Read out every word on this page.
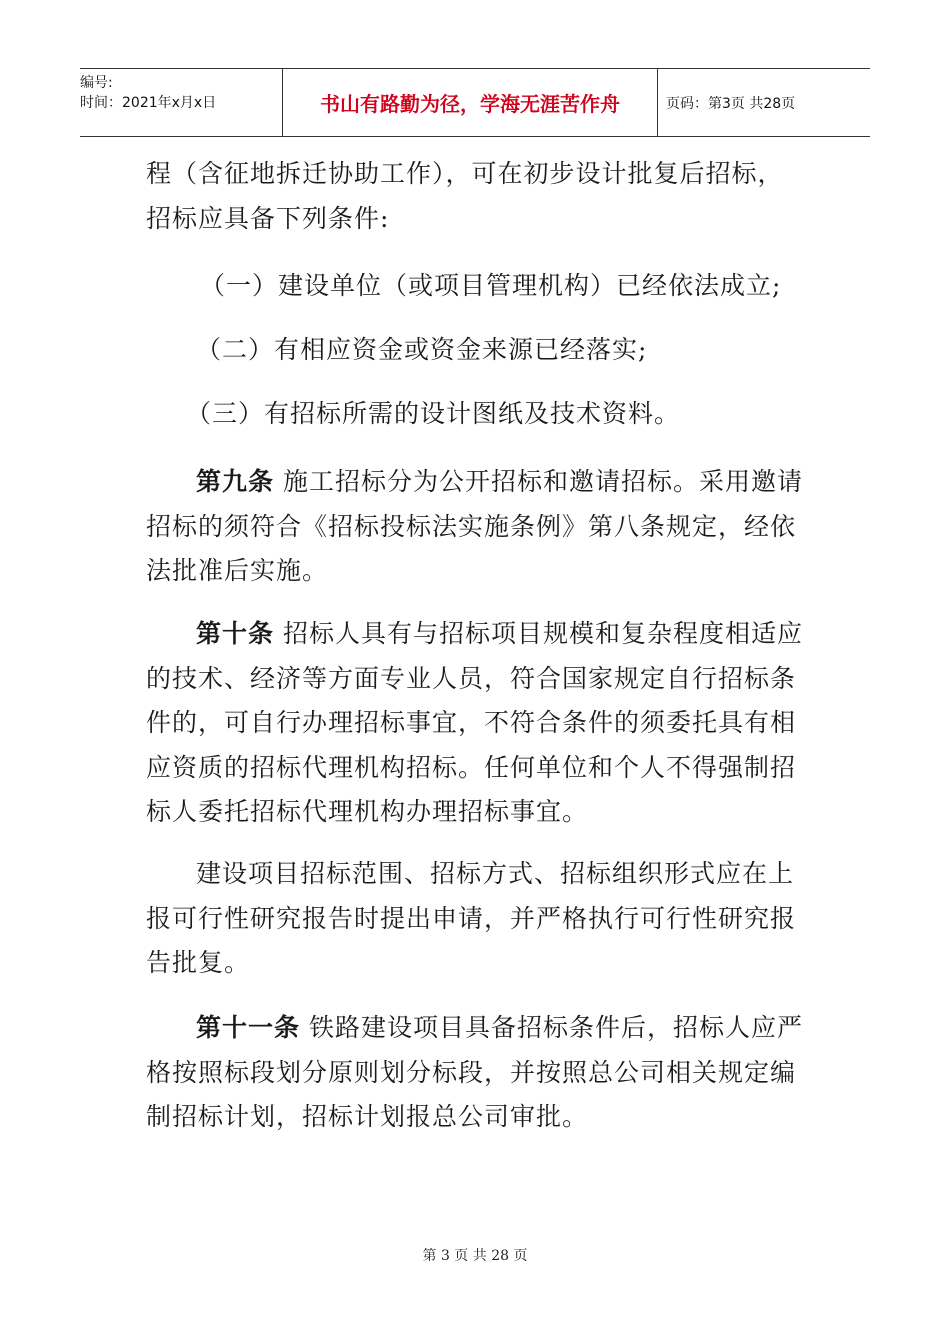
编号:
时间：2021年x月x日	书山有路勤为径，学海无涯苦作舟	页码：第3页 共28页

程（含征地拆迁协助工作），可在初步设计批复后招标，
招标应具备下列条件:

（一）建设单位（或项目管理机构）已经依法成立;

（二）有相应资金或资金来源已经落实;

（三）有招标所需的设计图纸及技术资料。

第九条 施工招标分为公开招标和邀请招标。采用邀请招标的须符合《招标投标法实施条例》第八条规定，经依法批准后实施。

第十条 招标人具有与招标项目规模和复杂程度相适应的技术、经济等方面专业人员，符合国家规定自行招标条件的，可自行办理招标事宜，不符合条件的须委托具有相应资质的招标代理机构招标。任何单位和个人不得强制招标人委托招标代理机构办理招标事宜。

建设项目招标范围、招标方式、招标组织形式应在上报可行性研究报告时提出申请，并严格执行可行性研究报告批复。

第十一条 铁路建设项目具备招标条件后，招标人应严格按照标段划分原则划分标段，并按照总公司相关规定编制招标计划，招标计划报总公司审批。

第 3 页 共 28 页
